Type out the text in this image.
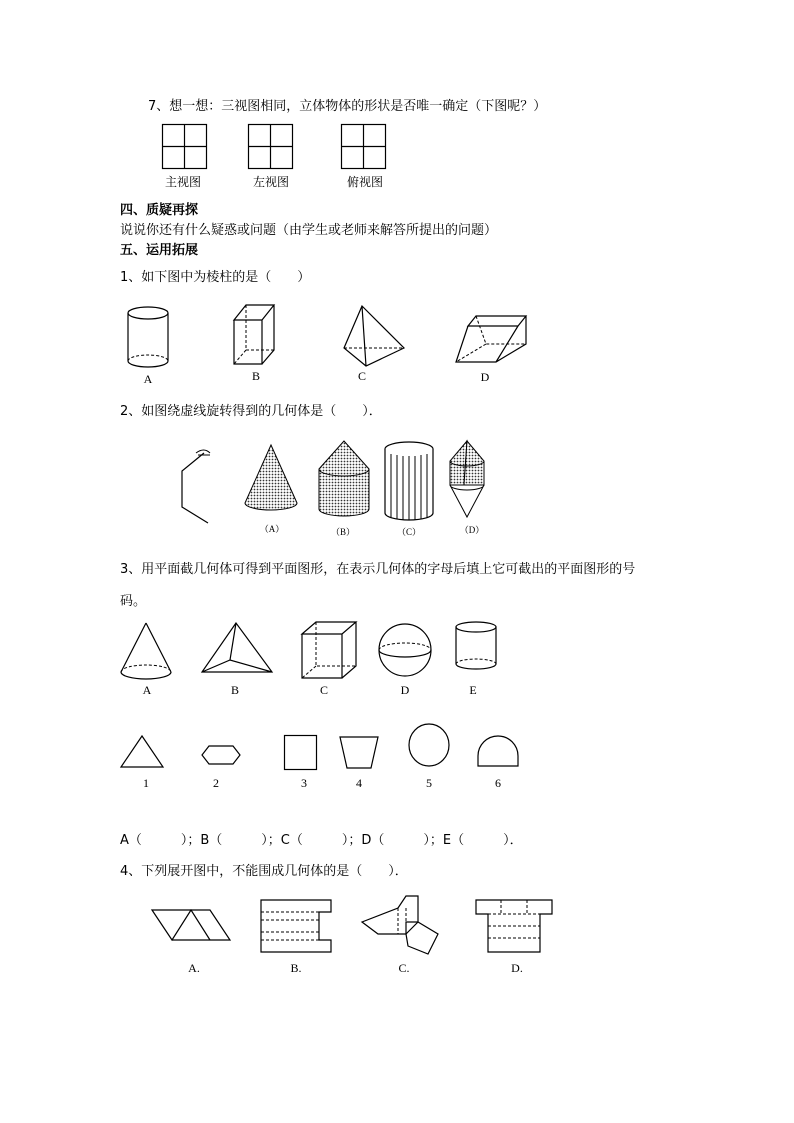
7、想一想：三视图相同，立体物体的形状是否唯一确定（下图呢？）
主视图	左视图	俯视图
四、质疑再探
说说你还有什么疑惑或问题（由学生或老师来解答所提出的问题）
五、运用拓展
1、如下图中为棱柱的是（　　）
A	B	C	D
2、如图绕虚线旋转得到的几何体是（　　）．
（A）	（B）	（C）	（D）
3、用平面截几何体可得到平面图形，在表示几何体的字母后填上它可截出的平面图形的号
码。
A	B	C	D	E
1	2	3	4	5	6
A（　　　）；B（　　　）；C（　　　）；D（　　　）；E（　　　）．
4、下列展开图中，不能围成几何体的是（　　）．
A.	B.	C.	D.
